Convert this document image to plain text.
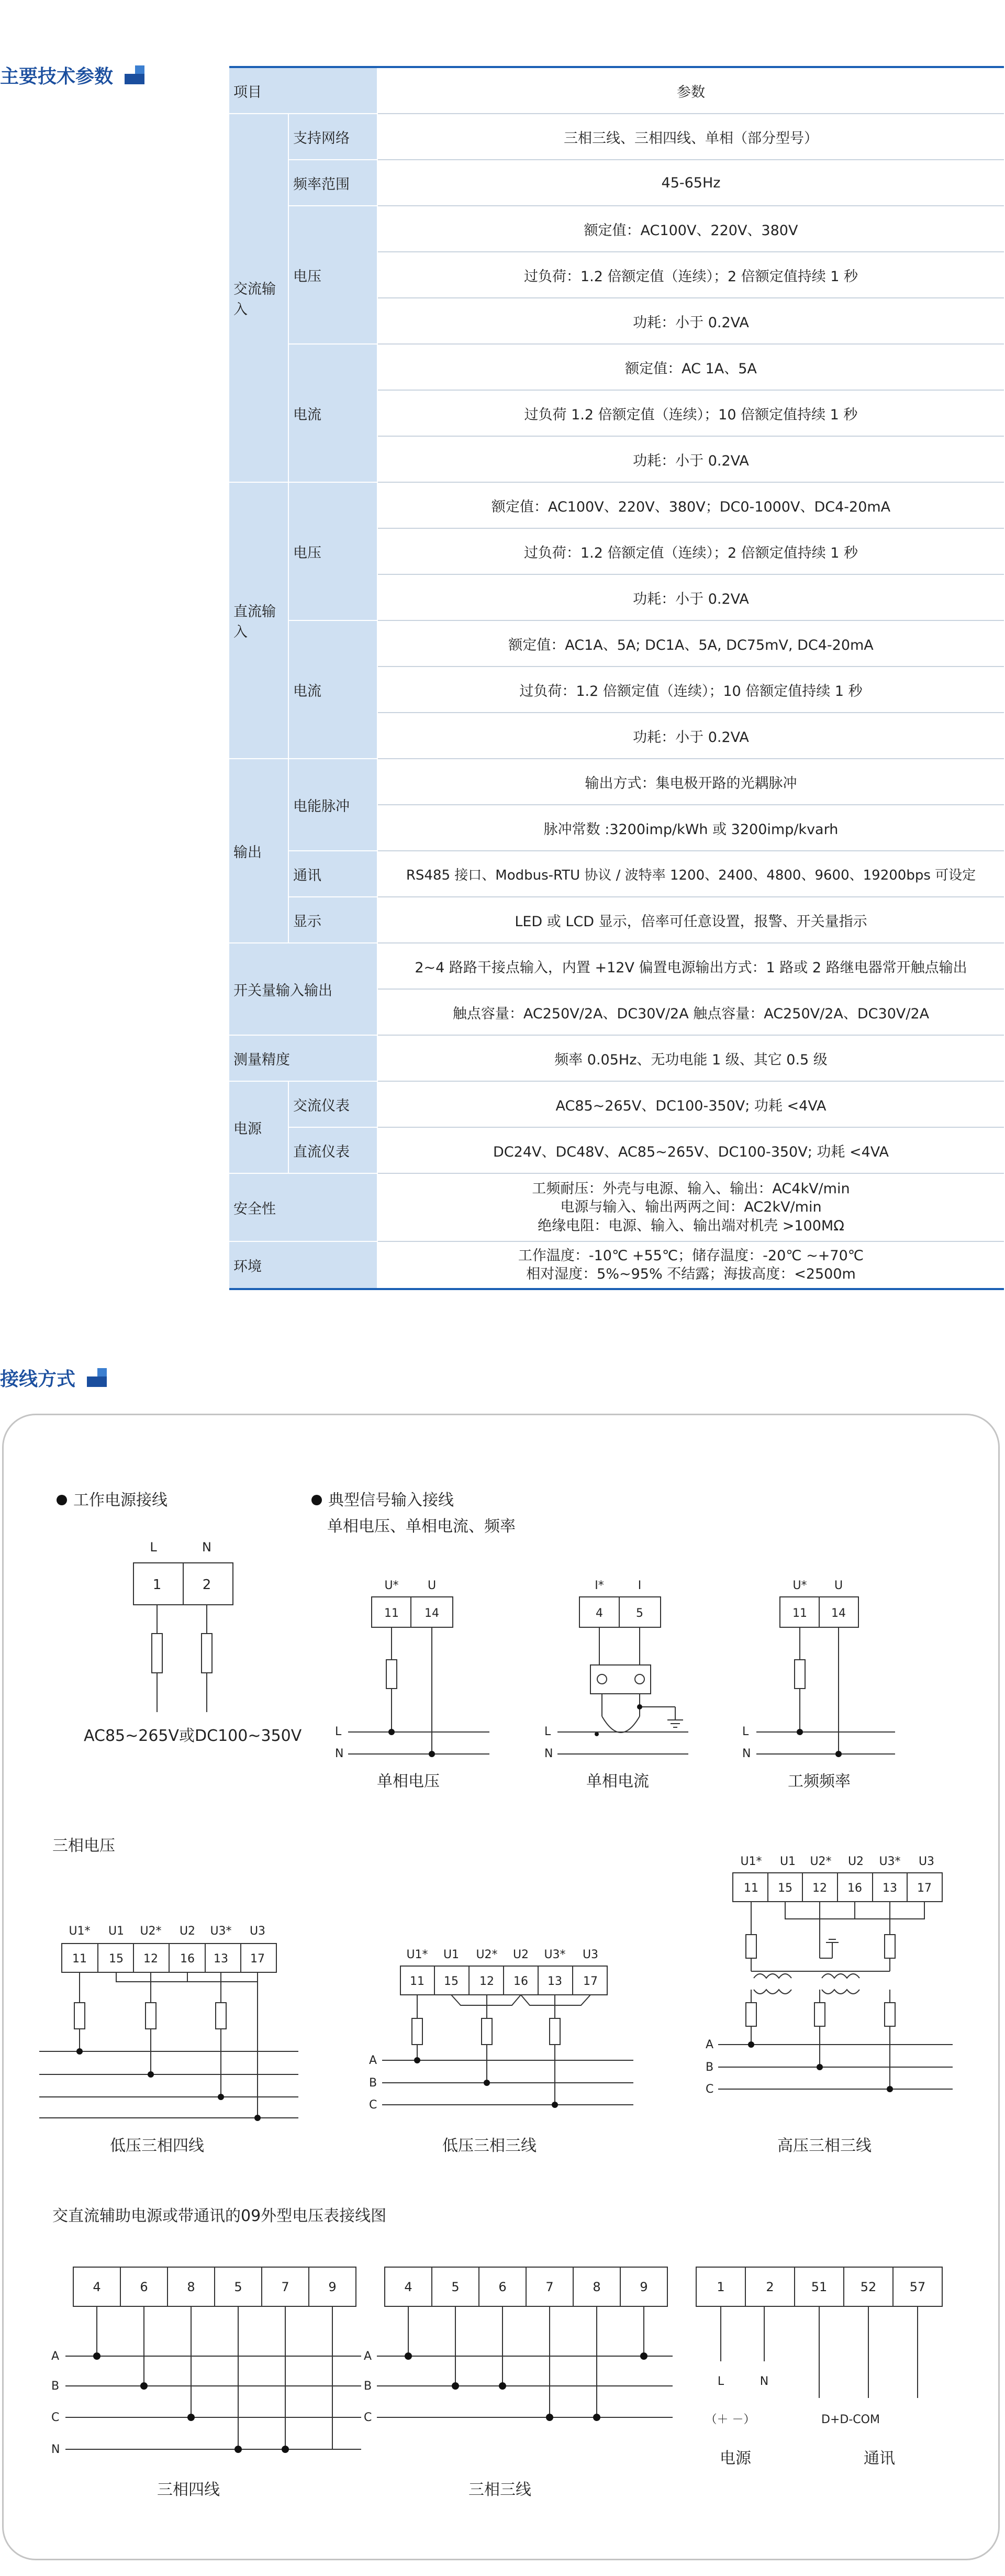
主要技术参数
项目		参数
交流输入	支持网络	三相三线、三相四线、单相（部分型号）
	频率范围	45-65Hz
	电压	额定值：AC100V、220V、380V
		过负荷：1.2 倍额定值（连续）；2 倍额定值持续 1 秒
		功耗：小于 0.2VA
	电流	额定值：AC 1A、5A
		过负荷 1.2 倍额定值（连续）；10 倍额定值持续 1 秒
		功耗：小于 0.2VA
直流输入	电压	额定值：AC100V、220V、380V；DC0-1000V、DC4-20mA
		过负荷：1.2 倍额定值（连续）；2 倍额定值持续 1 秒
		功耗：小于 0.2VA
	电流	额定值：AC1A、5A; DC1A、5A, DC75mV, DC4-20mA
		过负荷：1.2 倍额定值（连续）；10 倍额定值持续 1 秒
		功耗：小于 0.2VA
输出	电能脉冲	输出方式：集电极开路的光耦脉冲
		脉冲常数 :3200imp/kWh 或 3200imp/kvarh
	通讯	RS485 接口、Modbus-RTU 协议 / 波特率 1200、2400、4800、9600、19200bps 可设定
	显示	LED 或 LCD 显示，倍率可任意设置，报警、开关量指示
开关量输入输出		2~4 路路干接点输入，内置 +12V 偏置电源输出方式：1 路或 2 路继电器常开触点输出
		触点容量：AC250V/2A、DC30V/2A 触点容量：AC250V/2A、DC30V/2A
测量精度		频率 0.05Hz、无功电能 1 级、其它 0.5 级
电源	交流仪表	AC85~265V、DC100-350V; 功耗 <4VA
	直流仪表	DC24V、DC48V、AC85~265V、DC100-350V; 功耗 <4VA
安全性		工频耐压：外壳与电源、输入、输出：AC4kV/min
电源与输入、输出两两之间：AC2kV/min
绝缘电阻：电源、输入、输出端对机壳 >100MΩ

环境		工作温度：-10℃ +55℃；储存温度：-20℃ ~+70℃
相对湿度：5%~95% 不结露；海拔高度：<2500m
接线方式
工作电源接线
L	N
1	2
AC85~265V或DC100~350V
典型信号输入接线
单相电压、单相电流、频率
U*	U
11 14
L
N
单相电压
I*	I
4	5
L
N
单相电流
U* U
11 14
L
N
工频频率
三相电压
U1* U1 U2* U2 U3* U3
11 15 12 16 13 17
低压三相四线
U1* U1 U2* U2 U3* U3
11 15 12 16 13 17
A
B
C
低压三相三线
U1* U1 U2* U2 U3* U3
11 15 12 16 13 17
A
B
C
高压三相三线
交直流辅助电源或带通讯的09外型电压表接线图
4	6	8	5	7	9
A
B
C
N
三相四线
4	5	6	7	8	9
A
B
C
三相三线
1	2	51	52	57
L	N
（＋ －）	D+D-COM
电源	通讯
